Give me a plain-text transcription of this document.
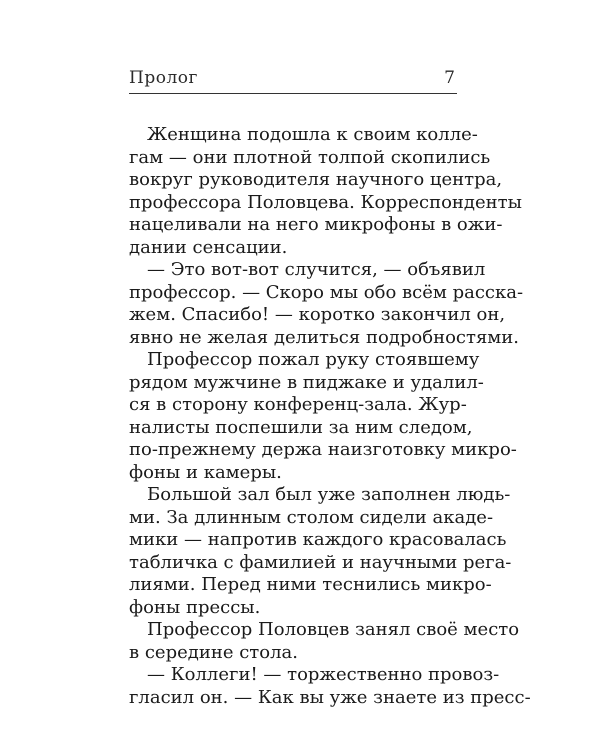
Пролог	7
Женщина подошла к своим колле-
гам — они плотной толпой скопились
вокруг руководителя научного центра,
профессора Половцева. Корреспонденты
нацеливали на него микрофоны в ожи-
дании сенсации.
— Это вот-вот случится, — объявил
профессор. — Скоро мы обо всём расска-
жем. Спасибо! — коротко закончил он,
явно не желая делиться подробностями.
Профессор пожал руку стоявшему
рядом мужчине в пиджаке и удалил-
ся в сторону конференц-зала. Жур-
налисты поспешили за ним следом,
по-прежнему держа наизготовку микро-
фоны и камеры.
Большой зал был уже заполнен людь-
ми. За длинным столом сидели акаде-
мики — напротив каждого красовалась
табличка с фамилией и научными рега-
лиями. Перед ними теснились микро-
фоны прессы.
Профессор Половцев занял своё место
в середине стола.
— Коллеги! — торжественно провоз-
гласил он. — Как вы уже знаете из пресс-
